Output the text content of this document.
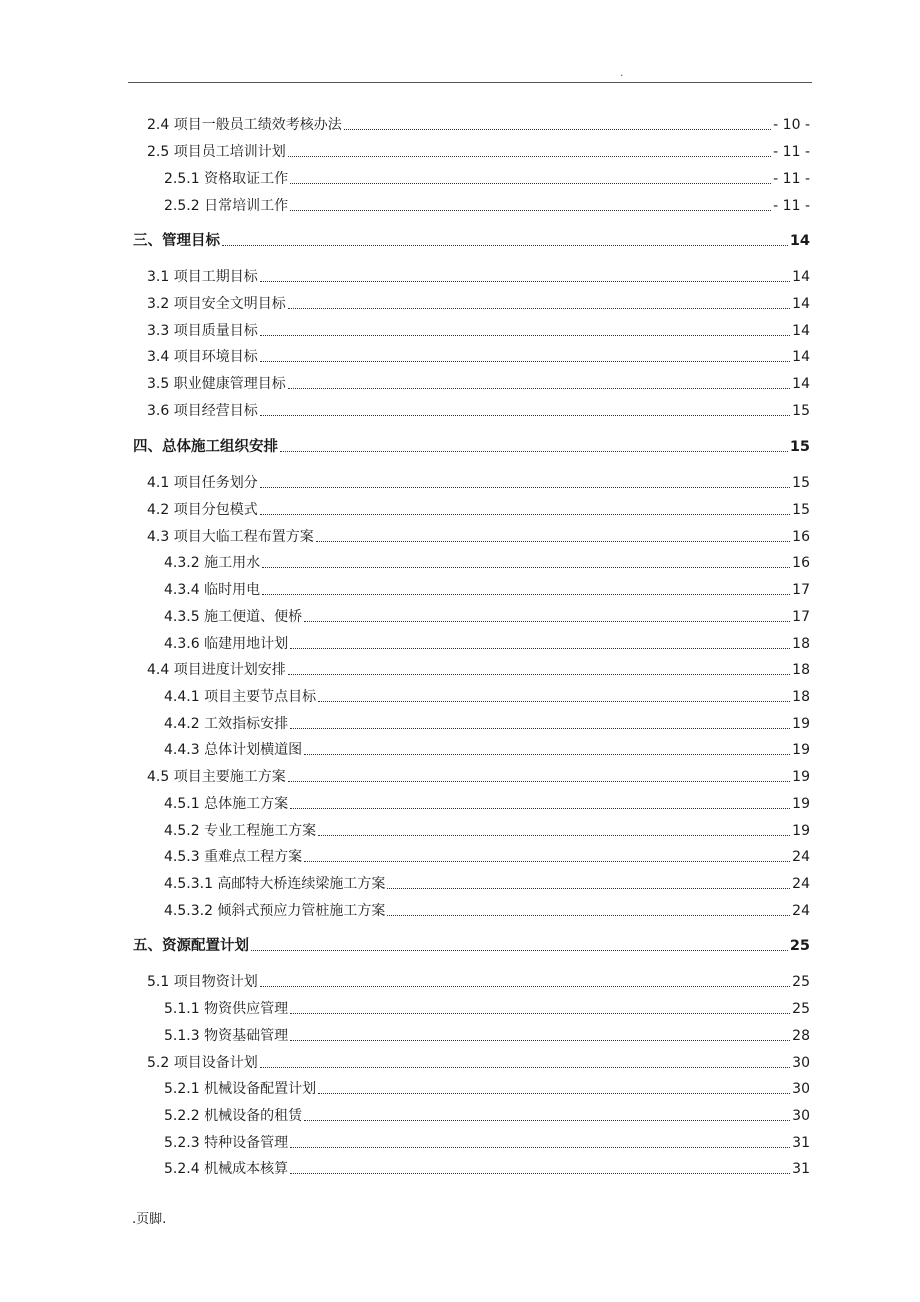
.
2.4 项目一般员工绩效考核办法	- 10 -
2.5 项目员工培训计划	- 11 -
2.5.1 资格取证工作	- 11 -
2.5.2 日常培训工作	- 11 -
三、管理目标	14
3.1 项目工期目标	14
3.2 项目安全文明目标	14
3.3 项目质量目标	14
3.4 项目环境目标	14
3.5 职业健康管理目标	14
3.6 项目经营目标	15
四、总体施工组织安排	15
4.1 项目任务划分	15
4.2 项目分包模式	15
4.3 项目大临工程布置方案	16
4.3.2 施工用水	16
4.3.4 临时用电	17
4.3.5 施工便道、便桥	17
4.3.6 临建用地计划	18
4.4 项目进度计划安排	18
4.4.1 项目主要节点目标	18
4.4.2 工效指标安排	19
4.4.3 总体计划横道图	19
4.5 项目主要施工方案	19
4.5.1 总体施工方案	19
4.5.2 专业工程施工方案	19
4.5.3 重难点工程方案	24
4.5.3.1 高邮特大桥连续梁施工方案	24
4.5.3.2 倾斜式预应力管桩施工方案	24
五、资源配置计划	25
5.1 项目物资计划	25
5.1.1 物资供应管理	25
5.1.3 物资基础管理	28
5.2 项目设备计划	30
5.2.1 机械设备配置计划	30
5.2.2 机械设备的租赁	30
5.2.3 特种设备管理	31
5.2.4 机械成本核算	31
.页脚.
